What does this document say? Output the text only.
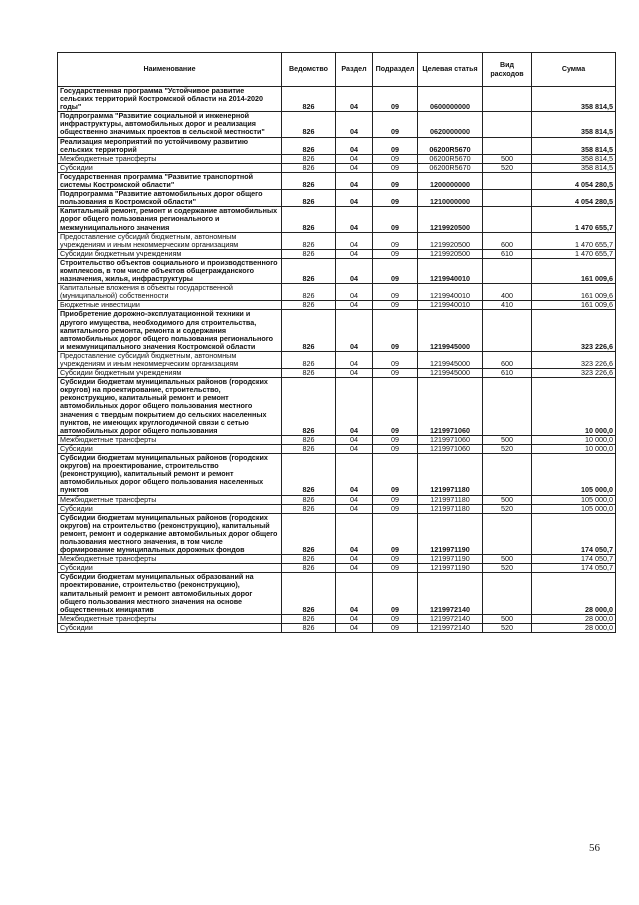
Наименование	Ведомство	Раздел	Подраздел	Целевая статья	Вид расходов	Сумма
Государственная программа "Устойчивое развитие сельских территорий Костромской области на 2014-2020 годы"	826	04	09	0600000000		358 814,5
Подпрограмма "Развитие социальной и инженерной инфраструктуры, автомобильных дорог и реализация общественно значимых проектов в сельской местности"	826	04	09	0620000000		358 814,5
Реализация мероприятий по устойчивому развитию сельских территорий	826	04	09	06200R5670		358 814,5
Межбюджетные трансферты	826	04	09	06200R5670	500	358 814,5
Субсидии	826	04	09	06200R5670	520	358 814,5
Государственная программа "Развитие транспортной системы Костромской области"	826	04	09	1200000000		4 054 280,5
Подпрограмма "Развитие автомобильных дорог общего пользования в Костромской области"	826	04	09	1210000000		4 054 280,5
Капитальный ремонт, ремонт и содержание автомобильных дорог общего пользования регионального и межмуниципального значения	826	04	09	1219920500		1 470 655,7
Предоставление субсидий бюджетным, автономным учреждениям и иным некоммерческим организациям	826	04	09	1219920500	600	1 470 655,7
Субсидии бюджетным учреждениям	826	04	09	1219920500	610	1 470 655,7
Строительство объектов социального и производственного комплексов, в том числе объектов общегражданского назначения, жилья, инфраструктуры	826	04	09	1219940010		161 009,6
Капитальные вложения в объекты государственной (муниципальной) собственности	826	04	09	1219940010	400	161 009,6
Бюджетные инвестиции	826	04	09	1219940010	410	161 009,6
Приобретение дорожно-эксплуатационной техники и другого имущества, необходимого для строительства, капитального ремонта, ремонта и содержания автомобильных дорог общего пользования регионального и межмуниципального значения Костромской области	826	04	09	1219945000		323 226,6
Предоставление субсидий бюджетным, автономным учреждениям и иным некоммерческим организациям	826	04	09	1219945000	600	323 226,6
Субсидии бюджетным учреждениям	826	04	09	1219945000	610	323 226,6
Субсидии бюджетам муниципальных районов (городских округов) на проектирование, строительство, реконструкцию, капитальный ремонт и ремонт автомобильных дорог общего пользования местного значения с твердым покрытием до сельских населенных пунктов, не имеющих круглогодичной связи с сетью автомобильных дорог общего пользования	826	04	09	1219971060		10 000,0
Межбюджетные трансферты	826	04	09	1219971060	500	10 000,0
Субсидии	826	04	09	1219971060	520	10 000,0
Субсидии бюджетам муниципальных районов (городских округов) на проектирование, строительство (реконструкцию), капитальный ремонт и ремонт автомобильных дорог общего пользования населенных пунктов	826	04	09	1219971180		105 000,0
Межбюджетные трансферты	826	04	09	1219971180	500	105 000,0
Субсидии	826	04	09	1219971180	520	105 000,0
Субсидии бюджетам муниципальных районов (городских округов) на строительство (реконструкцию), капитальный ремонт, ремонт и содержание автомобильных дорог общего пользования местного значения, в том числе формирование муниципальных дорожных фондов	826	04	09	1219971190		174 050,7
Межбюджетные трансферты	826	04	09	1219971190	500	174 050,7
Субсидии	826	04	09	1219971190	520	174 050,7
Субсидии бюджетам муниципальных образований на проектирование, строительство (реконструкцию), капитальный ремонт и ремонт автомобильных дорог общего пользования местного значения на основе общественных инициатив	826	04	09	1219972140		28 000,0
Межбюджетные трансферты	826	04	09	1219972140	500	28 000,0
Субсидии	826	04	09	1219972140	520	28 000,0
56
